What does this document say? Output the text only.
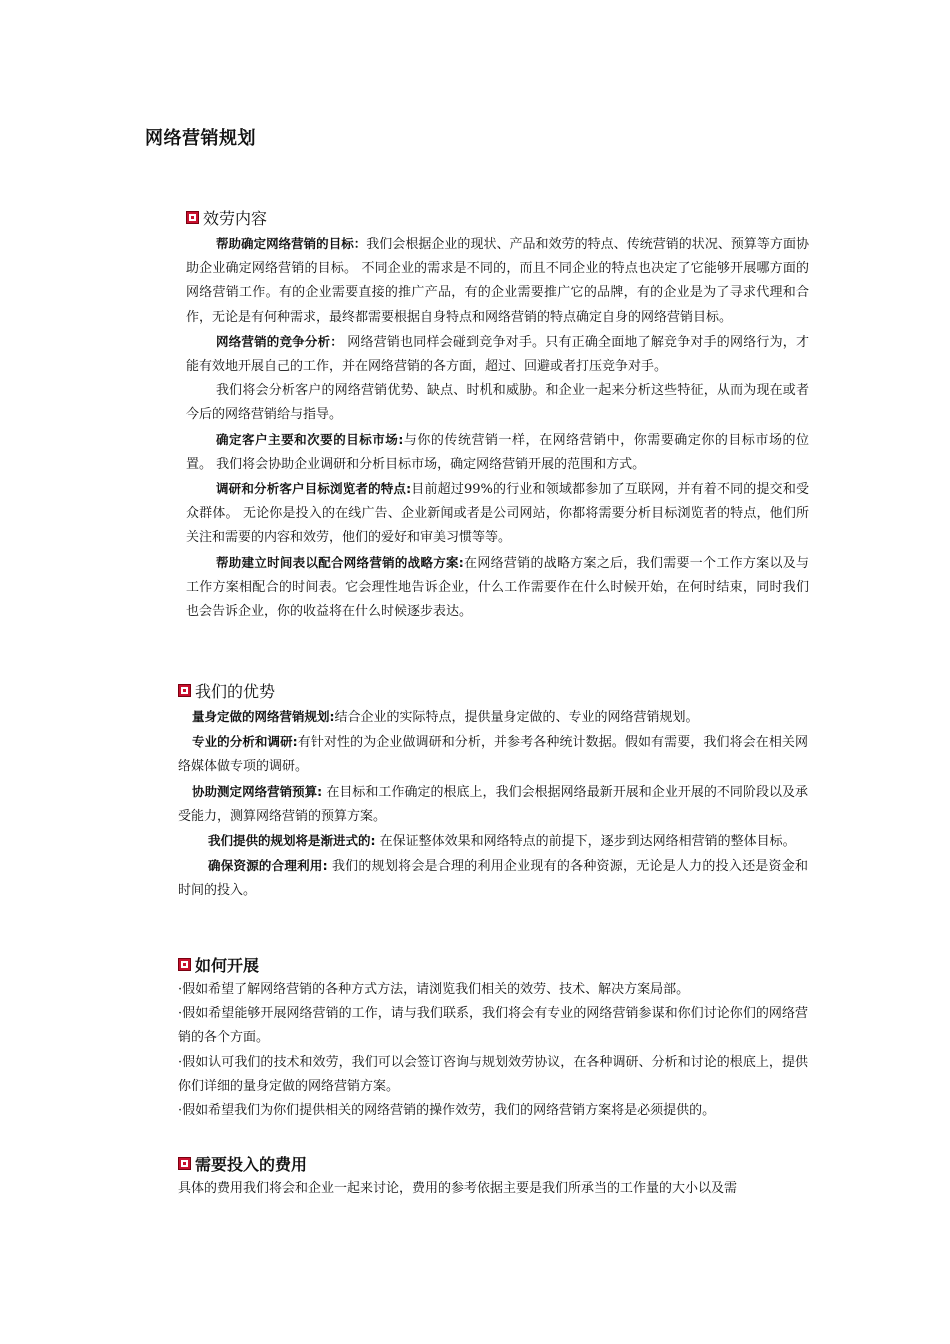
网络营销规划
效劳内容

帮助确定网络营销的目标：我们会根据企业的现状、产品和效劳的特点、传统营销的状况、预算等方面协助企业确定网络营销的目标。 不同企业的需求是不同的，而且不同企业的特点也决定了它能够开展哪方面的网络营销工作。有的企业需要直接的推广产品，有的企业需要推广它的品牌，有的企业是为了寻求代理和合作，无论是有何种需求，最终都需要根据自身特点和网络营销的特点确定自身的网络营销目标。

网络营销的竞争分析： 网络营销也同样会碰到竞争对手。只有正确全面地了解竞争对手的网络行为，才能有效地开展自己的工作，并在网络营销的各方面，超过、回避或者打压竞争对手。

我们将会分析客户的网络营销优势、缺点、时机和威胁。和企业一起来分析这些特征，从而为现在或者今后的网络营销给与指导。

确定客户主要和次要的目标市场:与你的传统营销一样，在网络营销中，你需要确定你的目标市场的位置。 我们将会协助企业调研和分析目标市场，确定网络营销开展的范围和方式。

调研和分析客户目标浏览者的特点:目前超过99%的行业和领域都参加了互联网，并有着不同的提交和受众群体。 无论你是投入的在线广告、企业新闻或者是公司网站，你都将需要分析目标浏览者的特点，他们所关注和需要的内容和效劳，他们的爱好和审美习惯等等。

帮助建立时间表以配合网络营销的战略方案:在网络营销的战略方案之后，我们需要一个工作方案以及与工作方案相配合的时间表。它会理性地告诉企业，什么工作需要作在什么时候开始，在何时结束，同时我们也会告诉企业，你的收益将在什么时候逐步表达。

我们的优势

量身定做的网络营销规划:结合企业的实际特点，提供量身定做的、专业的网络营销规划。

专业的分析和调研:有针对性的为企业做调研和分析，并参考各种统计数据。假如有需要，我们将会在相关网络媒体做专项的调研。

协助测定网络营销预算: 在目标和工作确定的根底上，我们会根据网络最新开展和企业开展的不同阶段以及承受能力，测算网络营销的预算方案。

我们提供的规划将是渐进式的: 在保证整体效果和网络特点的前提下，逐步到达网络相营销的整体目标。

确保资源的合理利用: 我们的规划将会是合理的利用企业现有的各种资源，无论是人力的投入还是资金和时间的投入。

如何开展

·假如希望了解网络营销的各种方式方法，请浏览我们相关的效劳、技术、解决方案局部。

·假如希望能够开展网络营销的工作，请与我们联系，我们将会有专业的网络营销参谋和你们讨论你们的网络营销的各个方面。

·假如认可我们的技术和效劳，我们可以会签订咨询与规划效劳协议，在各种调研、分析和讨论的根底上，提供你们详细的量身定做的网络营销方案。

·假如希望我们为你们提供相关的网络营销的操作效劳，我们的网络营销方案将是必须提供的。

需要投入的费用

具体的费用我们将会和企业一起来讨论，费用的参考依据主要是我们所承当的工作量的大小以及需
